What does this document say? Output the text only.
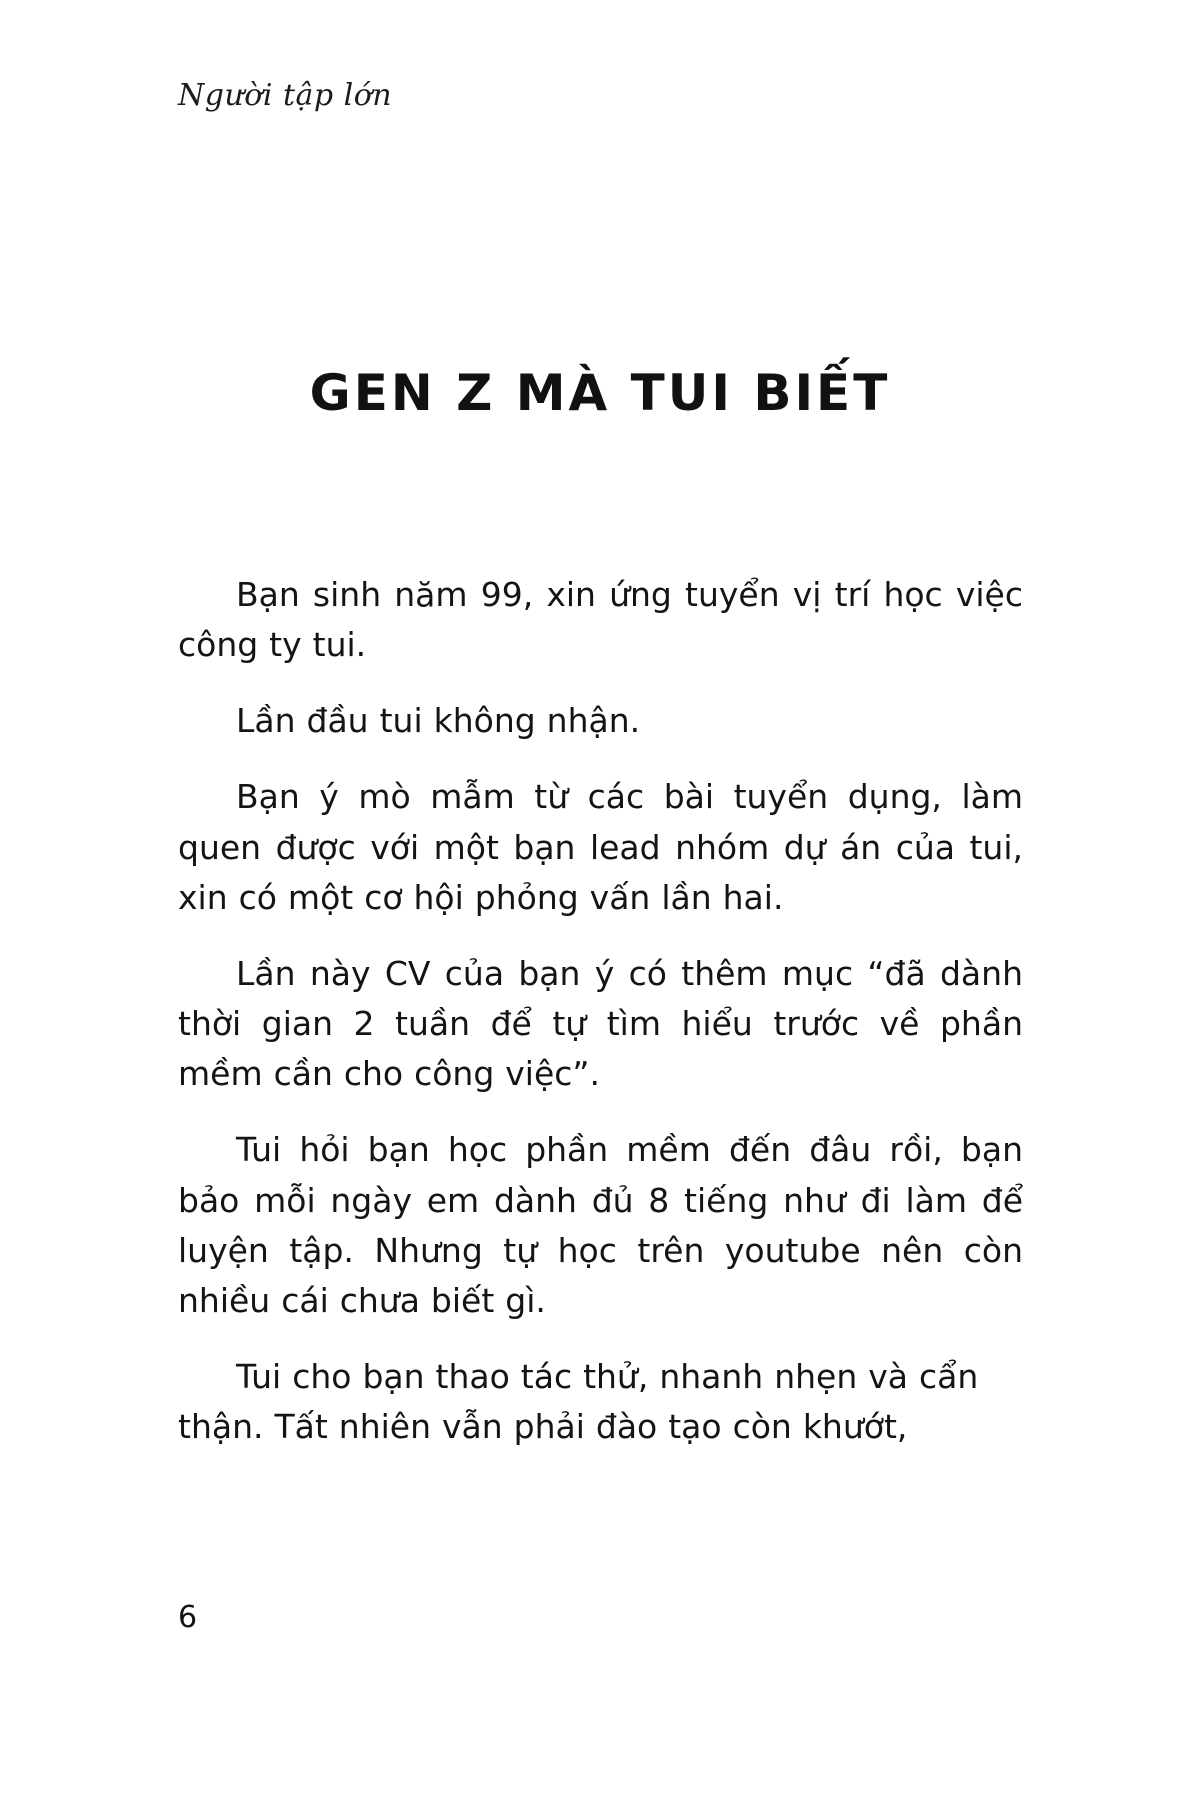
Người tập lớn
GEN Z MÀ TUI BIẾT

Bạn sinh năm 99, xin ứng tuyển vị trí học việc công ty tui.

Lần đầu tui không nhận.

Bạn ý mò mẫm từ các bài tuyển dụng, làm quen được với một bạn lead nhóm dự án của tui, xin có một cơ hội phỏng vấn lần hai.

Lần này CV của bạn ý có thêm mục “đã dành thời gian 2 tuần để tự tìm hiểu trước về phần mềm cần cho công việc”.

Tui hỏi bạn học phần mềm đến đâu rồi, bạn bảo mỗi ngày em dành đủ 8 tiếng như đi làm để luyện tập. Nhưng tự học trên youtube nên còn nhiều cái chưa biết gì.

Tui cho bạn thao tác thử, nhanh nhẹn và cẩn thận. Tất nhiên vẫn phải đào tạo còn khướt,

6
